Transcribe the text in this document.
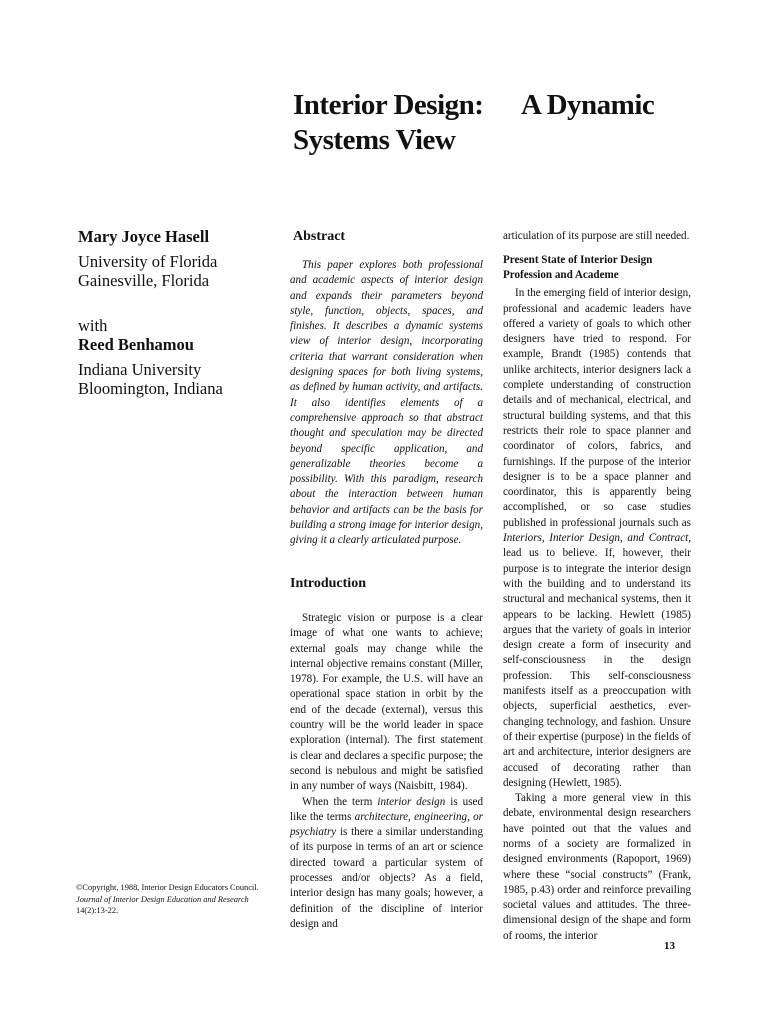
Interior Design: A Dynamic
Systems View
Mary Joyce Hasell
University of Florida
Gainesville, Florida
with
Reed Benhamou
Indiana University
Bloomington, Indiana
Abstract

This paper explores both professional and academic aspects of interior design and expands their parameters beyond style, function, objects, spaces, and finishes. It describes a dynamic systems view of interior design, incorporating criteria that warrant consideration when designing spaces for both living systems, as defined by human activity, and artifacts. It also identifies elements of a comprehensive approach so that abstract thought and speculation may be directed beyond specific application, and generalizable theories become a possibility. With this paradigm, research about the interaction between human behavior and artifacts can be the basis for building a strong image for interior design, giving it a clearly articulated purpose.

Introduction

Strategic vision or purpose is a clear image of what one wants to achieve; external goals may change while the internal objective remains constant (Miller, 1978). For example, the U.S. will have an operational space station in orbit by the end of the decade (external), versus this country will be the world leader in space exploration (internal). The first statement is clear and declares a specific purpose; the second is nebulous and might be satisfied in any number of ways (Naisbitt, 1984).

When the term interior design is used like the terms architecture, engineering, or psychiatry is there a similar understanding of its purpose in terms of an art or science directed toward a particular system of processes and/or objects? As a field, interior design has many goals; however, a definition of the discipline of interior design and

articulation of its purpose are still needed.

Present State of Interior Design Profession and Academe

In the emerging field of interior design, professional and academic leaders have offered a variety of goals to which other designers have tried to respond. For example, Brandt (1985) contends that unlike architects, interior designers lack a complete understanding of construction details and of mechanical, electrical, and structural building systems, and that this restricts their role to space planner and coordinator of colors, fabrics, and furnishings. If the purpose of the interior designer is to be a space planner and coordinator, this is apparently being accomplished, or so case studies published in professional journals such as Interiors, Interior Design, and Contract, lead us to believe. If, however, their purpose is to integrate the interior design with the building and to understand its structural and mechanical systems, then it appears to be lacking. Hewlett (1985) argues that the variety of goals in interior design create a form of insecurity and self-consciousness in the design profession. This self-consciousness manifests itself as a preoccupation with objects, superficial aesthetics, ever-changing technology, and fashion. Unsure of their expertise (purpose) in the fields of art and architecture, interior designers are accused of decorating rather than designing (Hewlett, 1985).

Taking a more general view in this debate, environmental design researchers have pointed out that the values and norms of a society are formalized in designed environments (Rapoport, 1969) where these “social constructs” (Frank, 1985, p.43) order and reinforce prevailing societal values and attitudes. The three-dimensional design of the shape and form of rooms, the interior

©Copyright, 1988, Interior Design Educators Council. Journal of Interior Design Education and Research 14(2):13-22.
13
